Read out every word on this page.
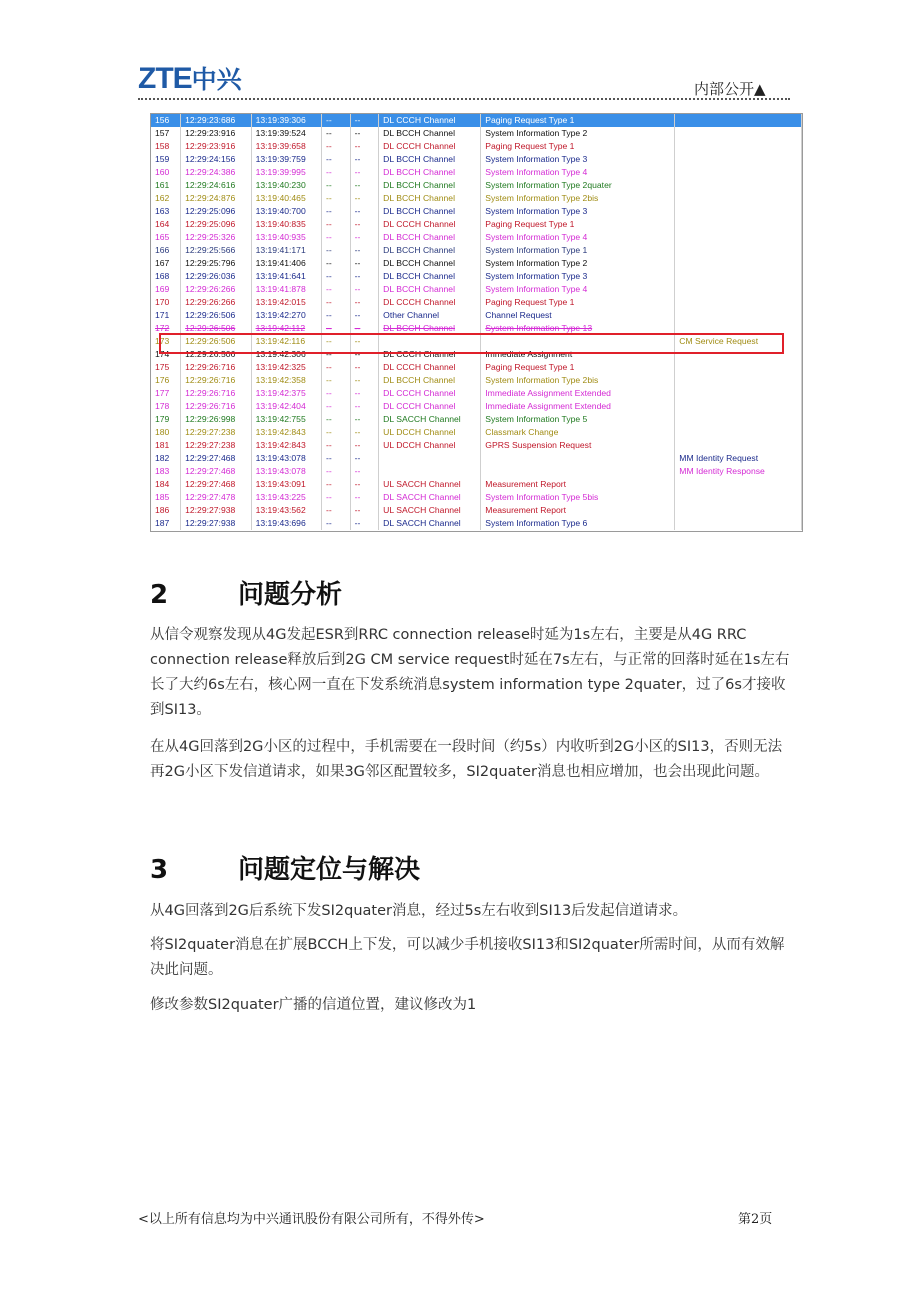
ZTE中兴	内部公开▲
156	12:29:23:686	13:19:39:306	--	--	DL CCCH Channel	Paging Request Type 1	
157	12:29:23:916	13:19:39:524	--	--	DL BCCH Channel	System Information Type 2	
158	12:29:23:916	13:19:39:658	--	--	DL CCCH Channel	Paging Request Type 1	
159	12:29:24:156	13:19:39:759	--	--	DL BCCH Channel	System Information Type 3	
160	12:29:24:386	13:19:39:995	--	--	DL BCCH Channel	System Information Type 4	
161	12:29:24:616	13:19:40:230	--	--	DL BCCH Channel	System Information Type 2quater	
162	12:29:24:876	13:19:40:465	--	--	DL BCCH Channel	System Information Type 2bis	
163	12:29:25:096	13:19:40:700	--	--	DL BCCH Channel	System Information Type 3	
164	12:29:25:096	13:19:40:835	--	--	DL CCCH Channel	Paging Request Type 1	
165	12:29:25:326	13:19:40:935	--	--	DL BCCH Channel	System Information Type 4	
166	12:29:25:566	13:19:41:171	--	--	DL BCCH Channel	System Information Type 1	
167	12:29:25:796	13:19:41:406	--	--	DL BCCH Channel	System Information Type 2	
168	12:29:26:036	13:19:41:641	--	--	DL BCCH Channel	System Information Type 3	
169	12:29:26:266	13:19:41:878	--	--	DL BCCH Channel	System Information Type 4	
170	12:29:26:266	13:19:42:015	--	--	DL CCCH Channel	Paging Request Type 1	
171	12:29:26:506	13:19:42:270	--	--	Other Channel	Channel Request	
172	12:29:26:506	13:19:42:112	--	--	DL BCCH Channel	System Information Type 13	
173	12:29:26:506	13:19:42:116	--	--			CM Service Request
174	12:29:26:506	13:19:42:306	--	--	DL CCCH Channel	Immediate Assignment	
175	12:29:26:716	13:19:42:325	--	--	DL CCCH Channel	Paging Request Type 1	
176	12:29:26:716	13:19:42:358	--	--	DL BCCH Channel	System Information Type 2bis	
177	12:29:26:716	13:19:42:375	--	--	DL CCCH Channel	Immediate Assignment Extended	
178	12:29:26:716	13:19:42:404	--	--	DL CCCH Channel	Immediate Assignment Extended	
179	12:29:26:998	13:19:42:755	--	--	DL SACCH Channel	System Information Type 5	
180	12:29:27:238	13:19:42:843	--	--	UL DCCH Channel	Classmark Change	
181	12:29:27:238	13:19:42:843	--	--	UL DCCH Channel	GPRS Suspension Request	
182	12:29:27:468	13:19:43:078	--	--			MM Identity Request
183	12:29:27:468	13:19:43:078	--	--			MM Identity Response
184	12:29:27:468	13:19:43:091	--	--	UL SACCH Channel	Measurement Report	
185	12:29:27:478	13:19:43:225	--	--	DL SACCH Channel	System Information Type 5bis	
186	12:29:27:938	13:19:43:562	--	--	UL SACCH Channel	Measurement Report	
187	12:29:27:938	13:19:43:696	--	--	DL SACCH Channel	System Information Type 6	
2	问题分析
从信令观察发现从4G发起ESR到RRC connection release时延为1s左右，主要是从4G RRC connection release释放后到2G CM service request时延在7s左右，与正常的回落时延在1s左右长了大约6s左右，核心网一直在下发系统消息system information type 2quater，过了6s才接收到SI13。
在从4G回落到2G小区的过程中，手机需要在一段时间（约5s）内收听到2G小区的SI13，否则无法再2G小区下发信道请求，如果3G邻区配置较多，SI2quater消息也相应增加，也会出现此问题。
3	问题定位与解决
从4G回落到2G后系统下发SI2quater消息，经过5s左右收到SI13后发起信道请求。
将SI2quater消息在扩展BCCH上下发，可以减少手机接收SI13和SI2quater所需时间，从而有效解决此问题。
修改参数SI2quater广播的信道位置，建议修改为1
<以上所有信息均为中兴通讯股份有限公司所有，不得外传>	第2页
